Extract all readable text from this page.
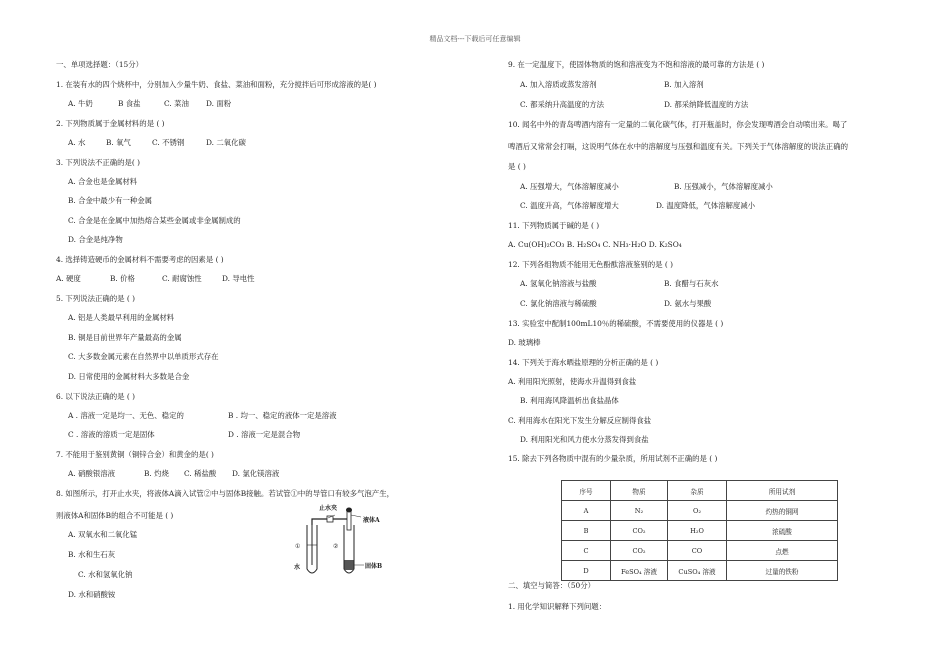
精品文档---下载后可任意编辑
一、单项选择题：（15分）
1. 在装有水的四个烧杯中，分别加入少量牛奶、食盐、菜油和面粉，充分搅拌后可形成溶液的是( )
A. 牛奶	B 食盐	C. 菜油 D. 面粉
2. 下列物质属于金属材料的是 ( )
A. 水	B. 氧气	C. 不锈钢	D. 二氧化碳
3. 下列说法不正确的是( )
A. 合金也是金属材料
B. 合金中最少有一种金属
C. 合金是在金属中加热熔合某些金属或非金属制成的
D. 合金是纯净物
4. 选择铸造硬币的金属材料不需要考虑的因素是 ( )
A. 硬度	B. 价格	C. 耐腐蚀性	D. 导电性
5. 下列说法正确的是 ( )
A. 铝是人类最早利用的金属材料
B. 铜是目前世界年产量最高的金属
C. 大多数金属元素在自然界中以单质形式存在
D. 日常使用的金属材料大多数是合金
6. 以下说法正确的是 ( )
A . 溶液一定是均一、无色、稳定的	B . 均一、稳定的液体一定是溶液
C . 溶液的溶质一定是固体	D . 溶液一定是混合物
7. 不能用于鉴别黄铜（铜锌合金）和黄金的是( )
A. 硝酸银溶液	B. 灼烧 C. 稀盐酸 D. 氯化镁溶液
8. 如图所示，打开止水夹，将液体A滴入试管②中与固体B接触。若试管①中的导管口有较多气泡产生，
则液体A和固体B的组合不可能是 ( )
A. 双氧水和二氧化锰
B. 水和生石灰
C. 水和氢氧化钠
D. 水和硝酸铵
止水夹
液体A
固体B
水
①	②
9. 在一定温度下，使固体物质的饱和溶液变为不饱和溶液的最可靠的方法是 ( )
A. 加入溶质或蒸发溶剂	B. 加入溶剂
C. 都采纳升高温度的方法	D. 都采纳降低温度的方法
10. 闻名中外的青岛啤酒内溶有一定量的二氧化碳气体，打开瓶盖时，你会发现啤酒会自动喷出来。喝了
啤酒后又常常会打嗝，这说明气体在水中的溶解度与压强和温度有关。下列关于气体溶解度的说法正确的
是 ( )
A. 压强增大，气体溶解度减小	B. 压强减小，气体溶解度减小
C. 温度升高，气体溶解度增大	D. 温度降低，气体溶解度减小
11. 下列物质属于碱的是 ( )
A. Cu(OH)₂CO₃ B. H₂SO₄ C. NH₃·H₂O D. K₂SO₄
12. 下列各组物质不能用无色酚酞溶液鉴别的是 ( )
A. 氢氧化钠溶液与盐酸	B. 食醋与石灰水
C. 氯化钠溶液与稀硫酸	D. 氨水与果酸
13. 实验室中配制100mL10％的稀硫酸，不需要使用的仪器是 ( )
D. 玻璃棒
14. 下列关于海水晒盐原理的分析正确的是 ( )
A. 利用阳光照射，使海水升温得到食盐
B. 利用海风降温析出食盐晶体
C. 利用海水在阳光下发生分解反应制得食盐
D. 利用阳光和风力使水分蒸发得到食盐
15. 除去下列各物质中混有的少量杂质，所用试剂不正确的是 ( )
二、填空与简答：（50分）
1. 用化学知识解释下列问题：
序号	物质	杂质	所用试剂
A	N₂	O₂	灼热的铜网
B	CO₂	H₂O	浓硫酸
C	CO₂	CO	点燃
D	FeSO₄ 溶液	CuSO₄ 溶液	过量的铁粉
